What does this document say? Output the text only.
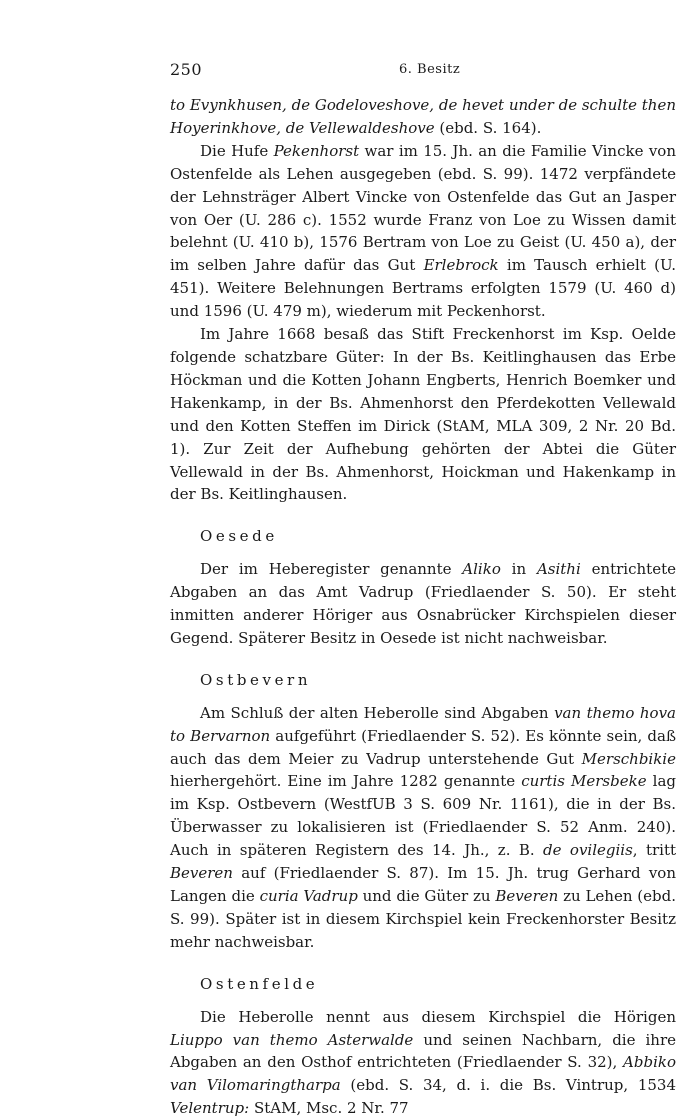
250	6. Besitz

to Evynkhusen, de Godeloveshove, de hevet under de schulte then Hoyerinkhove, de Vellewaldeshove (ebd. S. 164).

Die Hufe Pekenhorst war im 15. Jh. an die Familie Vincke von Ostenfelde als Lehen ausgegeben (ebd. S. 99). 1472 verpfändete der Lehnsträger Albert Vincke von Ostenfelde das Gut an Jasper von Oer (U. 286 c). 1552 wurde Franz von Loe zu Wissen damit belehnt (U. 410 b), 1576 Bertram von Loe zu Geist (U. 450 a), der im selben Jahre dafür das Gut Erlebrock im Tausch erhielt (U. 451). Weitere Belehnungen Bertrams erfolgten 1579 (U. 460 d) und 1596 (U. 479 m), wiederum mit Peckenhorst.

Im Jahre 1668 besaß das Stift Freckenhorst im Ksp. Oelde folgende schatzbare Güter: In der Bs. Keitlinghausen das Erbe Höckman und die Kotten Johann Engberts, Henrich Boemker und Hakenkamp, in der Bs. Ahmenhorst den Pferdekotten Vellewald und den Kotten Steffen im Dirick (StAM, MLA 309, 2 Nr. 20 Bd. 1). Zur Zeit der Aufhebung gehörten der Abtei die Güter Vellewald in der Bs. Ahmenhorst, Hoickman und Hakenkamp in der Bs. Keitlinghausen.

Oesede

Der im Heberegister genannte Aliko in Asithi entrichtete Abgaben an das Amt Vadrup (Friedlaender S. 50). Er steht inmitten anderer Höriger aus Osnabrücker Kirchspielen dieser Gegend. Späterer Besitz in Oesede ist nicht nachweisbar.

Ostbevern

Am Schluß der alten Heberolle sind Abgaben van themo hova to Bervarnon aufgeführt (Friedlaender S. 52). Es könnte sein, daß auch das dem Meier zu Vadrup unterstehende Gut Merschbikie hierhergehört. Eine im Jahre 1282 genannte curtis Mersbeke lag im Ksp. Ostbevern (WestfUB 3 S. 609 Nr. 1161), die in der Bs. Überwasser zu lokalisieren ist (Friedlaender S. 52 Anm. 240). Auch in späteren Registern des 14. Jh., z. B. de ovilegiis, tritt Beveren auf (Friedlaender S. 87). Im 15. Jh. trug Gerhard von Langen die curia Vadrup und die Güter zu Beveren zu Lehen (ebd. S. 99). Später ist in diesem Kirchspiel kein Freckenhorster Besitz mehr nachweisbar.

Ostenfelde

Die Heberolle nennt aus diesem Kirchspiel die Hörigen Liuppo van themo Asterwalde und seinen Nachbarn, die ihre Abgaben an den Osthof entrichteten (Friedlaender S. 32), Abbiko van Vilomaringtharpa (ebd. S. 34, d. i. die Bs. Vintrup, 1534 Velentrup: StAM, Msc. 2 Nr. 77
